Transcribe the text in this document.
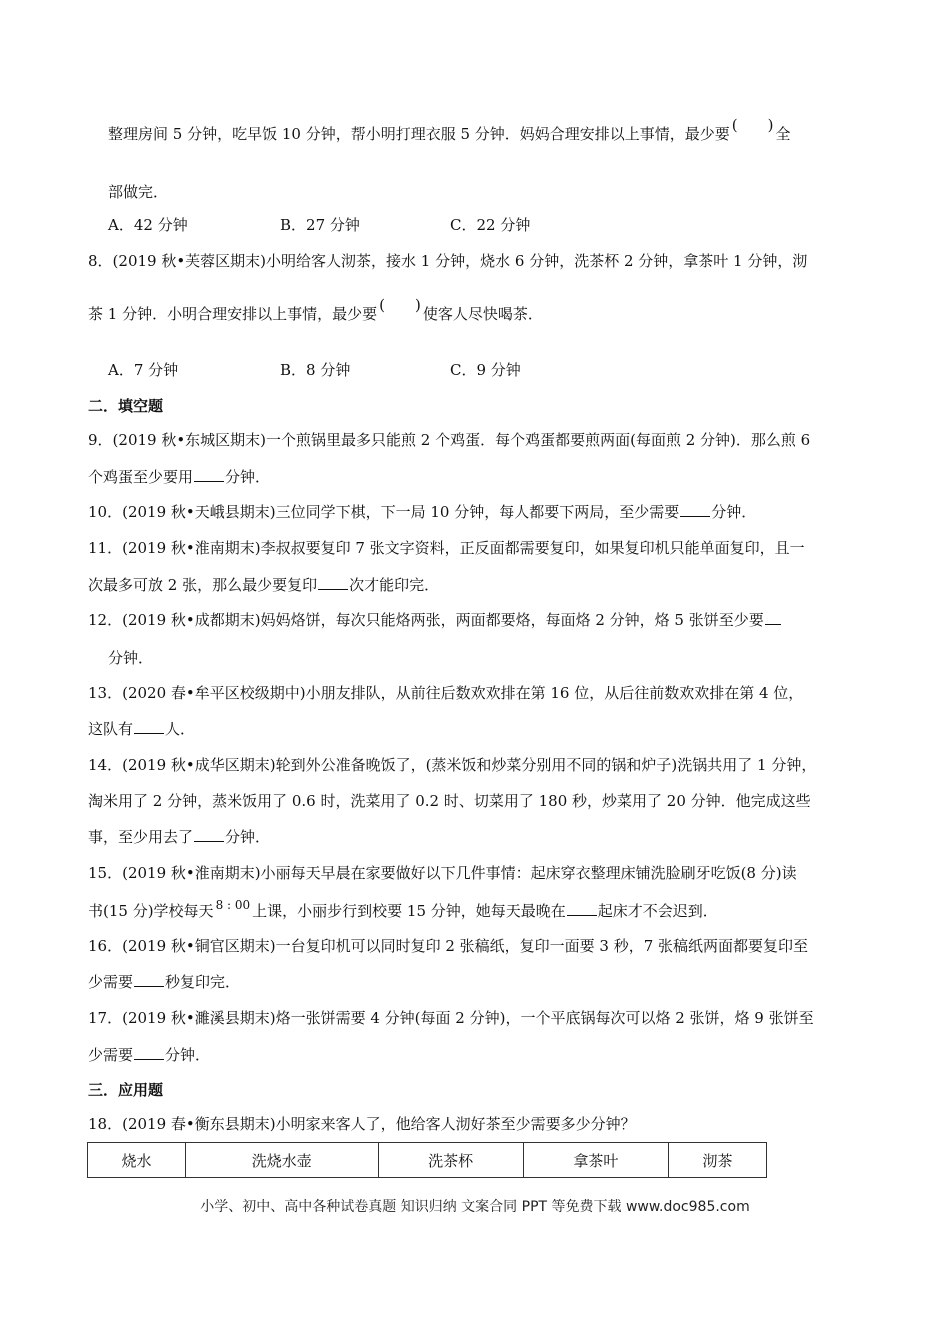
整理房间 5 分钟，吃早饭 10 分钟，帮小明打理衣服 5 分钟．妈妈合理安排以上事情，最少要 ( ) 全
部做完．
A．42 分钟	B．27 分钟	C．22 分钟
8．(2019 秋•芙蓉区期末)小明给客人沏茶，接水 1 分钟，烧水 6 分钟，洗茶杯 2 分钟，拿茶叶 1 分钟，沏
茶 1 分钟．小明合理安排以上事情，最少要 ( ) 使客人尽快喝茶．
A．7 分钟	B．8 分钟	C．9 分钟
二．填空题
9．(2019 秋•东城区期末)一个煎锅里最多只能煎 2 个鸡蛋．每个鸡蛋都要煎两面(每面煎 2 分钟)．那么煎 6
个鸡蛋至少要用 分钟．
10．(2019 秋•天峨县期末)三位同学下棋，下一局 10 分钟，每人都要下两局，至少需要 分钟．
11．(2019 秋•淮南期末)李叔叔要复印 7 张文字资料，正反面都需要复印，如果复印机只能单面复印，且一
次最多可放 2 张，那么最少要复印 次才能印完．
12．(2019 秋•成都期末)妈妈烙饼，每次只能烙两张，两面都要烙，每面烙 2 分钟，烙 5 张饼至少要
分钟．
13．(2020 春•牟平区校级期中)小朋友排队，从前往后数欢欢排在第 16 位，从后往前数欢欢排在第 4 位，
这队有 人．
14．(2019 秋•成华区期末)轮到外公准备晚饭了，(蒸米饭和炒菜分别用不同的锅和炉子)洗锅共用了 1 分钟，
淘米用了 2 分钟，蒸米饭用了 0.6 时，洗菜用了 0.2 时、切菜用了 180 秒，炒菜用了 20 分钟．他完成这些
事，至少用去了 分钟．
15．(2019 秋•淮南期末)小丽每天早晨在家要做好以下几件事情：起床穿衣整理床铺洗脸刷牙吃饭(8 分)读
书(15 分)学校每天 $^{8 : 00}$ 上课，小丽步行到校要 15 分钟，她每天最晚在 起床才不会迟到．
16．(2019 秋•铜官区期末)一台复印机可以同时复印 2 张稿纸，复印一面要 3 秒，7 张稿纸两面都要复印至
少需要 秒复印完．
17．(2019 秋•濉溪县期末)烙一张饼需要 4 分钟(每面 2 分钟)，一个平底锅每次可以烙 2 张饼，烙 9 张饼至
少需要 分钟．
三．应用题
18．(2019 春•衡东县期末)小明家来客人了，他给客人沏好茶至少需要多少分钟？
烧水	洗烧水壶	洗茶杯	拿茶叶	沏茶
小学、初中、高中各种试卷真题 知识归纳 文案合同 PPT 等免费下载 www.doc985.com
